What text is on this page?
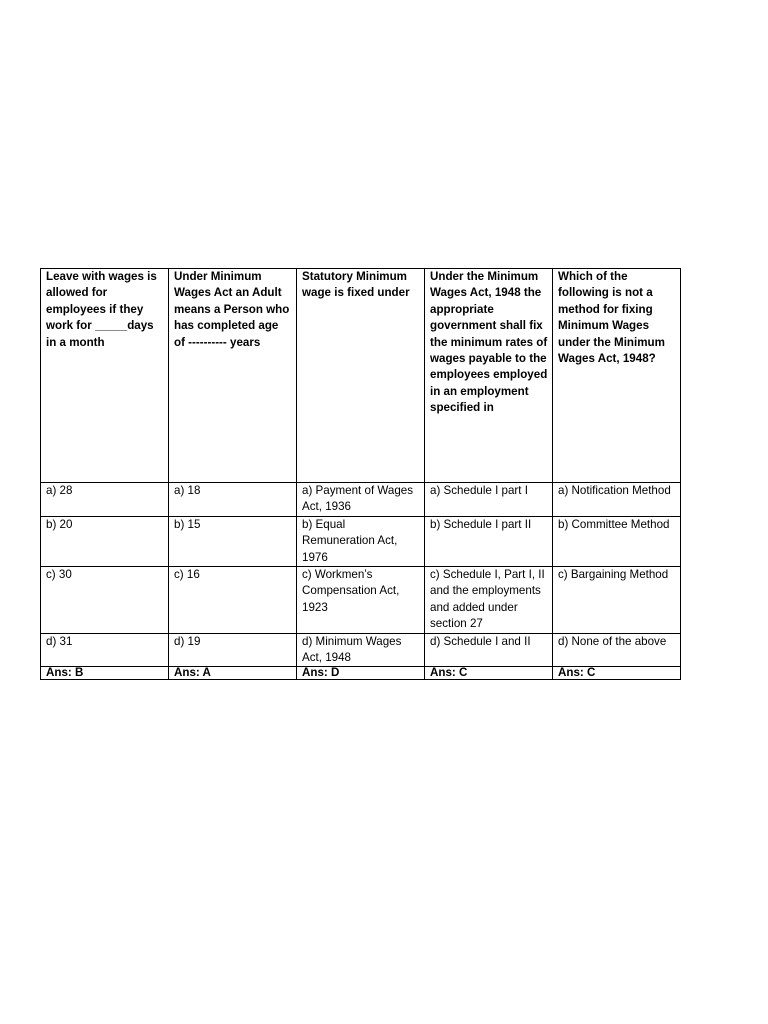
Leave with wages is allowed for employees if they work for _____days in a month	Under Minimum Wages Act an Adult means a Person who has completed age of ---------- years	Statutory Minimum wage is fixed under	Under the Minimum Wages Act, 1948 the appropriate government shall fix the minimum rates of wages payable to the employees employed in an employment specified in	Which of the following is not a method for fixing Minimum Wages under the Minimum Wages Act, 1948?
a) 28	a) 18	a) Payment of Wages Act, 1936	a) Schedule I part I	a) Notification Method
b) 20	b) 15	b) Equal Remuneration Act, 1976	b) Schedule I part II	b) Committee Method
c) 30	c) 16	c) Workmen’s Compensation Act, 1923	c) Schedule I, Part I, II and the employments and added under section 27	c) Bargaining Method
d) 31	d) 19	d) Minimum Wages Act, 1948	d) Schedule I and II	d) None of the above
Ans: B	Ans: A	Ans: D	Ans: C	Ans: C
